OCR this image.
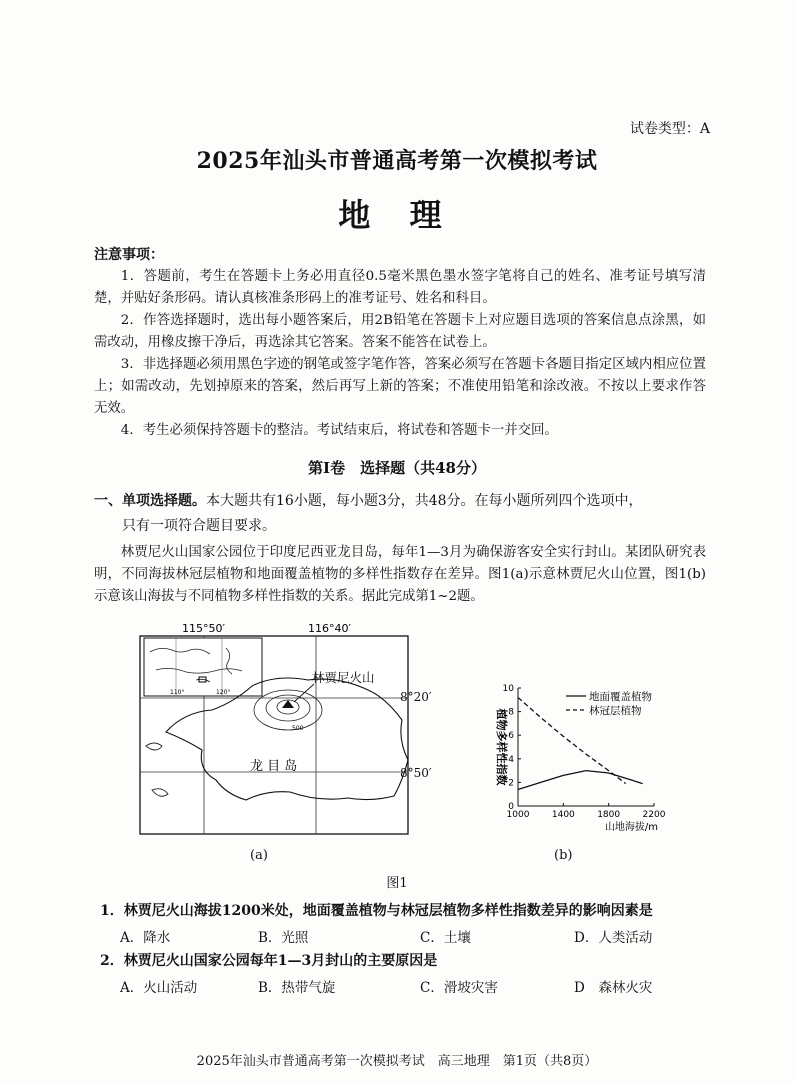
试卷类型：A
2025年汕头市普通高考第一次模拟考试
地 理
注意事项：
1．答题前，考生在答题卡上务必用直径0.5毫米黑色墨水签字笔将自己的姓名、准考证号填写清楚，并贴好条形码。请认真核准条形码上的准考证号、姓名和科目。
2．作答选择题时，选出每小题答案后，用2B铅笔在答题卡上对应题目选项的答案信息点涂黑，如需改动，用橡皮擦干净后，再选涂其它答案。答案不能答在试卷上。
3．非选择题必须用黑色字迹的钢笔或签字笔作答，答案必须写在答题卡各题目指定区域内相应位置上；如需改动，先划掉原来的答案，然后再写上新的答案；不准使用铅笔和涂改液。不按以上要求作答无效。
4．考生必须保持答题卡的整洁。考试结束后，将试卷和答题卡一并交回。
第Ⅰ卷　选择题（共48分）
一、单项选择题。本大题共有16小题，每小题3分，共48分。在每小题所列四个选项中，
只有一项符合题目要求。
林贾尼火山国家公园位于印度尼西亚龙目岛，每年1—3月为确保游客安全实行封山。某团队研究表明，不同海拔林冠层植物和地面覆盖植物的多样性指数存在差异。图1(a)示意林贾尼火山位置，图1(b)示意该山海拔与不同植物多样性指数的关系。据此完成第1~2题。
110°	120°
林贾尼火山
500
龙 目 岛
115°50′	116°40′
8°20′
8°50′
(a)
1000 1400 1800 2200
0
2
4
6
8
10
山地海拔/m
植物多样性指数
地面覆盖植物
林冠层植物
(b)
图1
1．林贾尼火山海拔1200米处，地面覆盖植物与林冠层植物多样性指数差异的影响因素是
A．降水	B．光照	C．土壤	D．人类活动
2．林贾尼火山国家公园每年1—3月封山的主要原因是
A．火山活动	B．热带气旋	C．滑坡灾害	D　森林火灾
2025年汕头市普通高考第一次模拟考试　高三地理　第1页（共8页）
